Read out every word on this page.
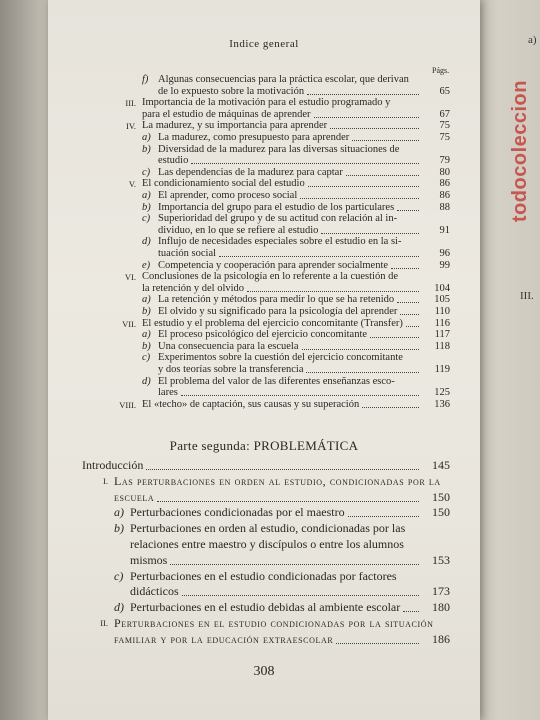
a)
III.
todocoleccion
Indice general
Págs.
f) Algunas consecuencias para la práctica escolar, que derivan
de lo expuesto sobre la motivación	65
III. Importancia de la motivación para el estudio programado y
para el estudio de máquinas de aprender	67
IV. La madurez, y su importancia para aprender	75
a) La madurez, como presupuesto para aprender	75
b) Diversidad de la madurez para las diversas situaciones de
estudio	79
c) Las dependencias de la madurez para captar	80
V. El condicionamiento social del estudio	86
a) El aprender, como proceso social	86
b) Importancia del grupo para el estudio de los particulares	88
c) Superioridad del grupo y de su actitud con relación al in-
dividuo, en lo que se refiere al estudio	91
d) Influjo de necesidades especiales sobre el estudio en la si-
tuación social	96
e) Competencia y cooperación para aprender socialmente	99
VI. Conclusiones de la psicología en lo referente a la cuestión de
la retención y del olvido	104
a) La retención y métodos para medir lo que se ha retenido	105
b) El olvido y su significado para la psicología del aprender	110
VII. El estudio y el problema del ejercicio concomitante (Transfer)	116
a) El proceso psicológico del ejercicio concomitante	117
b) Una consecuencia para la escuela	118
c) Experimentos sobre la cuestión del ejercicio concomitante
y dos teorías sobre la transferencia	119
d) El problema del valor de las diferentes enseñanzas esco-
lares	125
VIII. El «techo» de captación, sus causas y su superación	136
Parte segunda: PROBLEMÁTICA
Introducción	145
I. Las perturbaciones en orden al estudio, condicionadas por la
escuela	150
a) Perturbaciones condicionadas por el maestro	150
b) Perturbaciones en orden al estudio, condicionadas por las
relaciones entre maestro y discípulos o entre los alumnos
mismos	153
c) Perturbaciones en el estudio condicionadas por factores
didácticos	173
d) Perturbaciones en el estudio debidas al ambiente escolar	180
II. Perturbaciones en el estudio condicionadas por la situación
familiar y por la educación extraescolar	186
308
